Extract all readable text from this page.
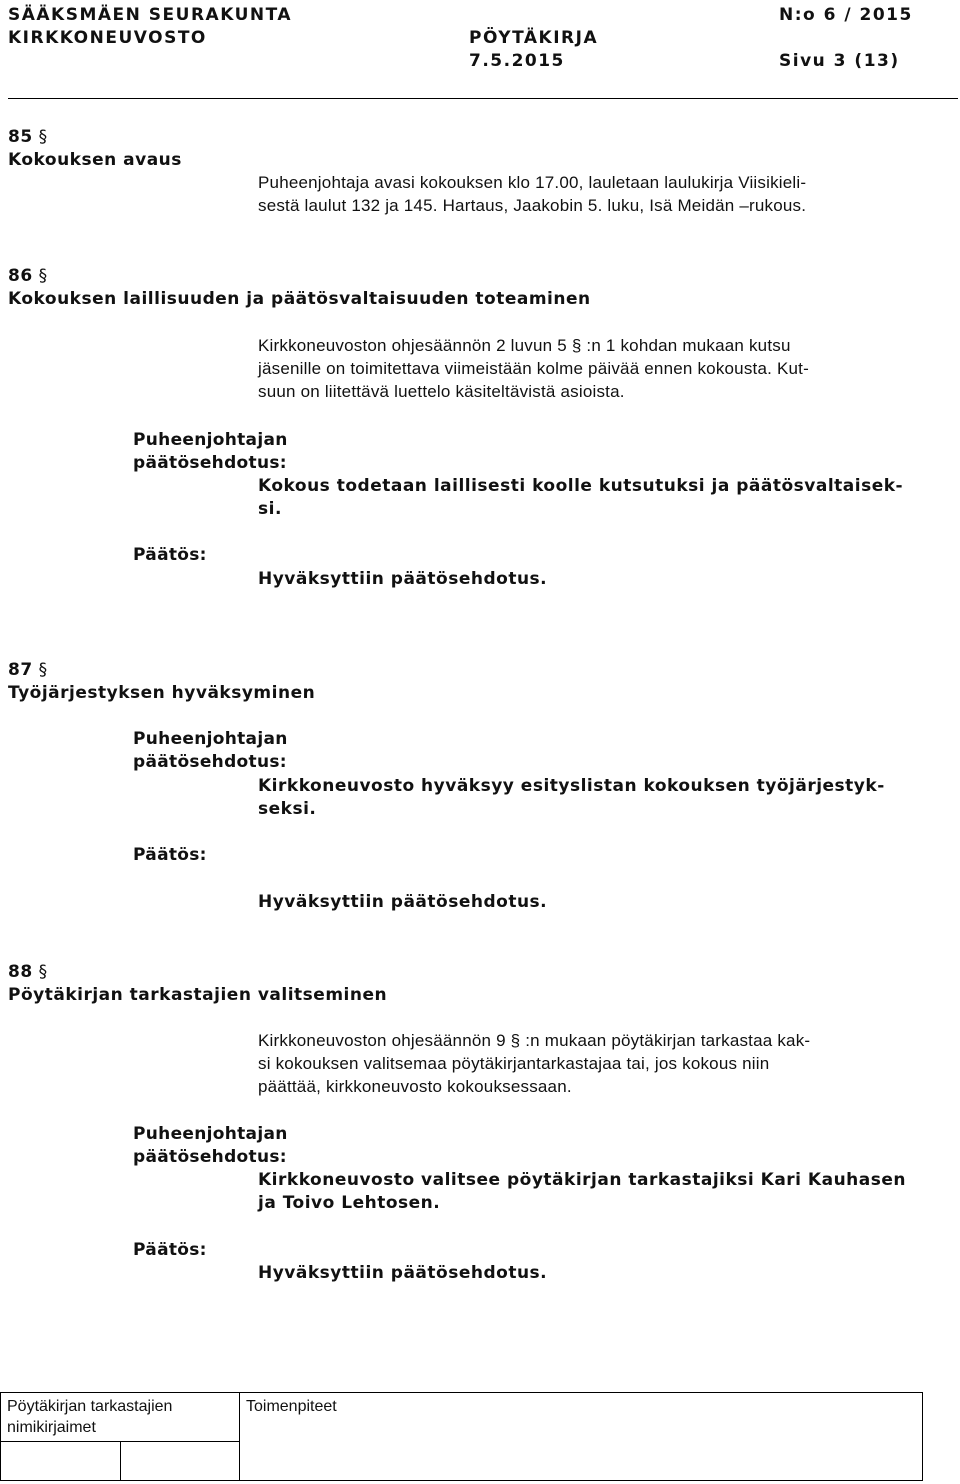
SÄÄKSMÄEN SEURAKUNTA	N:o 6 / 2015
KIRKKONEUVOSTO	PÖYTÄKIRJA
7.5.2015	Sivu 3 (13)
85 §
Kokouksen avaus
Puheenjohtaja avasi kokouksen klo 17.00, lauletaan laulukirja Viisikieli-
sestä laulut 132 ja 145. Hartaus, Jaakobin 5. luku, Isä Meidän –rukous.
86 §
Kokouksen laillisuuden ja päätösvaltaisuuden toteaminen
Kirkkoneuvoston ohjesäännön 2 luvun 5 § :n 1 kohdan mukaan kutsu
jäsenille on toimitettava viimeistään kolme päivää ennen kokousta. Kut-
suun on liitettävä luettelo käsiteltävistä asioista.
Puheenjohtajan
päätösehdotus:
Kokous todetaan laillisesti koolle kutsutuksi ja päätösvaltaisek-
si.
Päätös:
Hyväksyttiin päätösehdotus.
87 §
Työjärjestyksen hyväksyminen
Puheenjohtajan
päätösehdotus:
Kirkkoneuvosto hyväksyy esityslistan kokouksen työjärjestyk-
seksi.
Päätös:
Hyväksyttiin päätösehdotus.
88 §
Pöytäkirjan tarkastajien valitseminen
Kirkkoneuvoston ohjesäännön 9 § :n mukaan pöytäkirjan tarkastaa kak-
si kokouksen valitsemaa pöytäkirjantarkastajaa tai, jos kokous niin
päättää, kirkkoneuvosto kokouksessaan.
Puheenjohtajan
päätösehdotus:
Kirkkoneuvosto valitsee pöytäkirjan tarkastajiksi Kari Kauhasen
ja Toivo Lehtosen.
Päätös:
Hyväksyttiin päätösehdotus.
Pöytäkirjan tarkastajien
nimikirjaimet
Toimenpiteet
